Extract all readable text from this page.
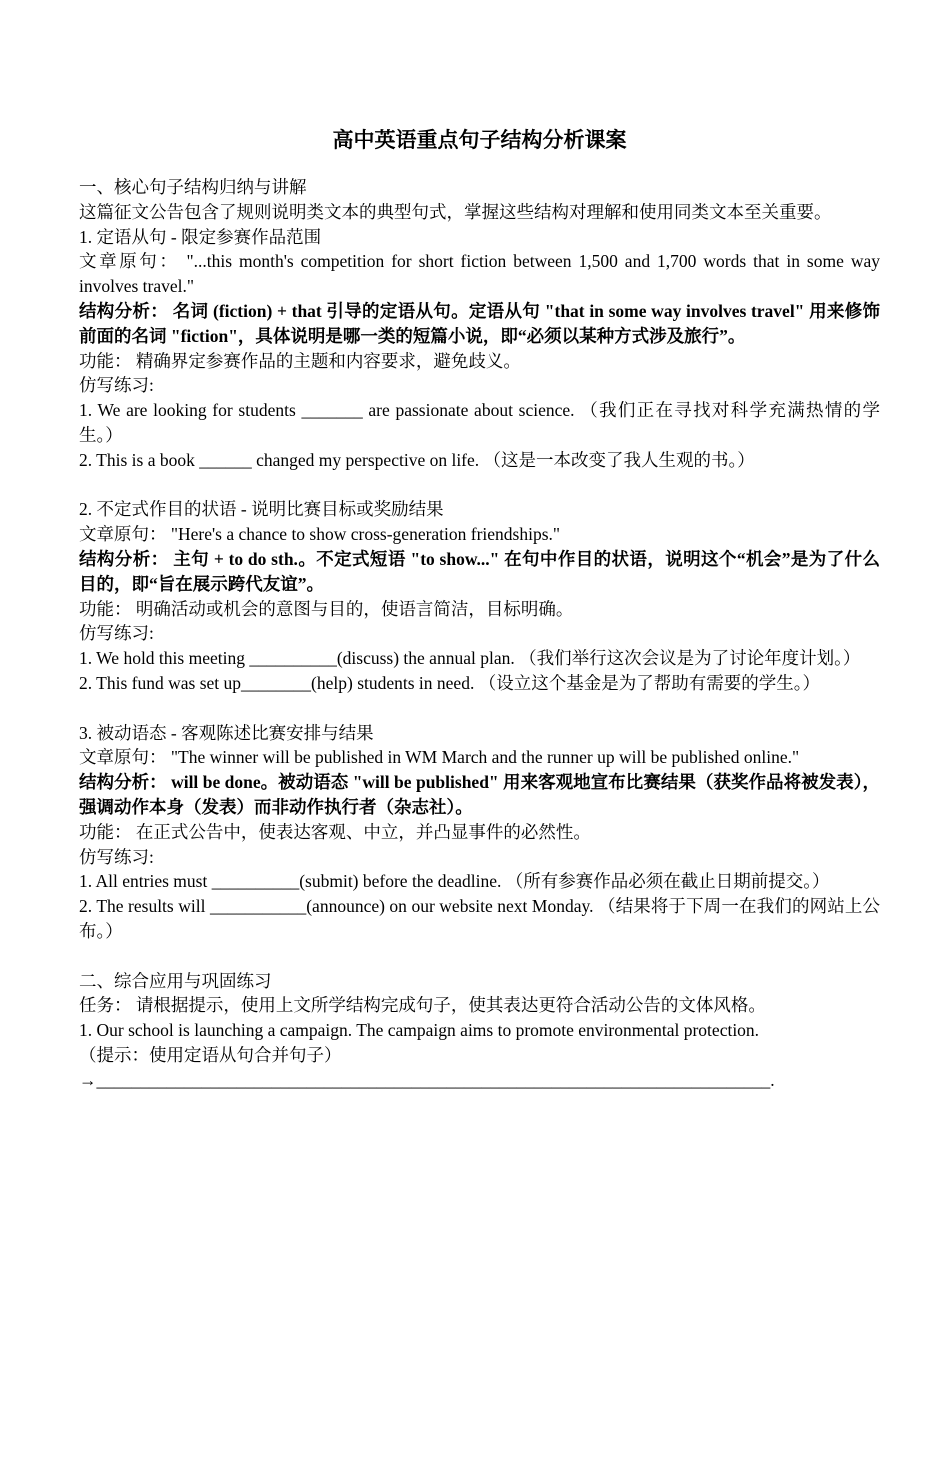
高中英语重点句子结构分析课案

一、核心句子结构归纳与讲解

这篇征文公告包含了规则说明类文本的典型句式，掌握这些结构对理解和使用同类文本至关重要。

1. 定语从句 - 限定参赛作品范围

文章原句： "...this month's competition for short fiction between 1,500 and 1,700 words that in some way involves travel."

结构分析： 名词 (fiction) + that 引导的定语从句。定语从句 "that in some way involves travel" 用来修饰前面的名词 "fiction"，具体说明是哪一类的短篇小说，即“必须以某种方式涉及旅行”。

功能： 精确界定参赛作品的主题和内容要求，避免歧义。

仿写练习:

1. We are looking for students _______ are passionate about science. （我们正在寻找对科学充满热情的学生。）

2. This is a book ______ changed my perspective on life. （这是一本改变了我人生观的书。）

2. 不定式作目的状语 - 说明比赛目标或奖励结果

文章原句： "Here's a chance to show cross-generation friendships."

结构分析： 主句 + to do sth.。不定式短语 "to show..." 在句中作目的状语，说明这个“机会”是为了什么目的，即“旨在展示跨代友谊”。

功能： 明确活动或机会的意图与目的，使语言简洁，目标明确。

仿写练习:

1. We hold this meeting __________(discuss) the annual plan. （我们举行这次会议是为了讨论年度计划。）

2. This fund was set up________(help) students in need. （设立这个基金是为了帮助有需要的学生。）

3. 被动语态 - 客观陈述比赛安排与结果

文章原句： "The winner will be published in WM March and the runner up will be published online."

结构分析： will be done。被动语态 "will be published" 用来客观地宣布比赛结果（获奖作品将被发表），强调动作本身（发表）而非动作执行者（杂志社）。

功能： 在正式公告中，使表达客观、中立，并凸显事件的必然性。

仿写练习:

1. All entries must __________(submit) before the deadline. （所有参赛作品必须在截止日期前提交。）

2. The results will ___________(announce) on our website next Monday. （结果将于下周一在我们的网站上公布。）

二、综合应用与巩固练习

任务： 请根据提示，使用上文所学结构完成句子，使其表达更符合活动公告的文体风格。

1. Our school is launching a campaign. The campaign aims to promote environmental protection.

（提示：使用定语从句合并句子）

→_____________________________________________________________________________.
